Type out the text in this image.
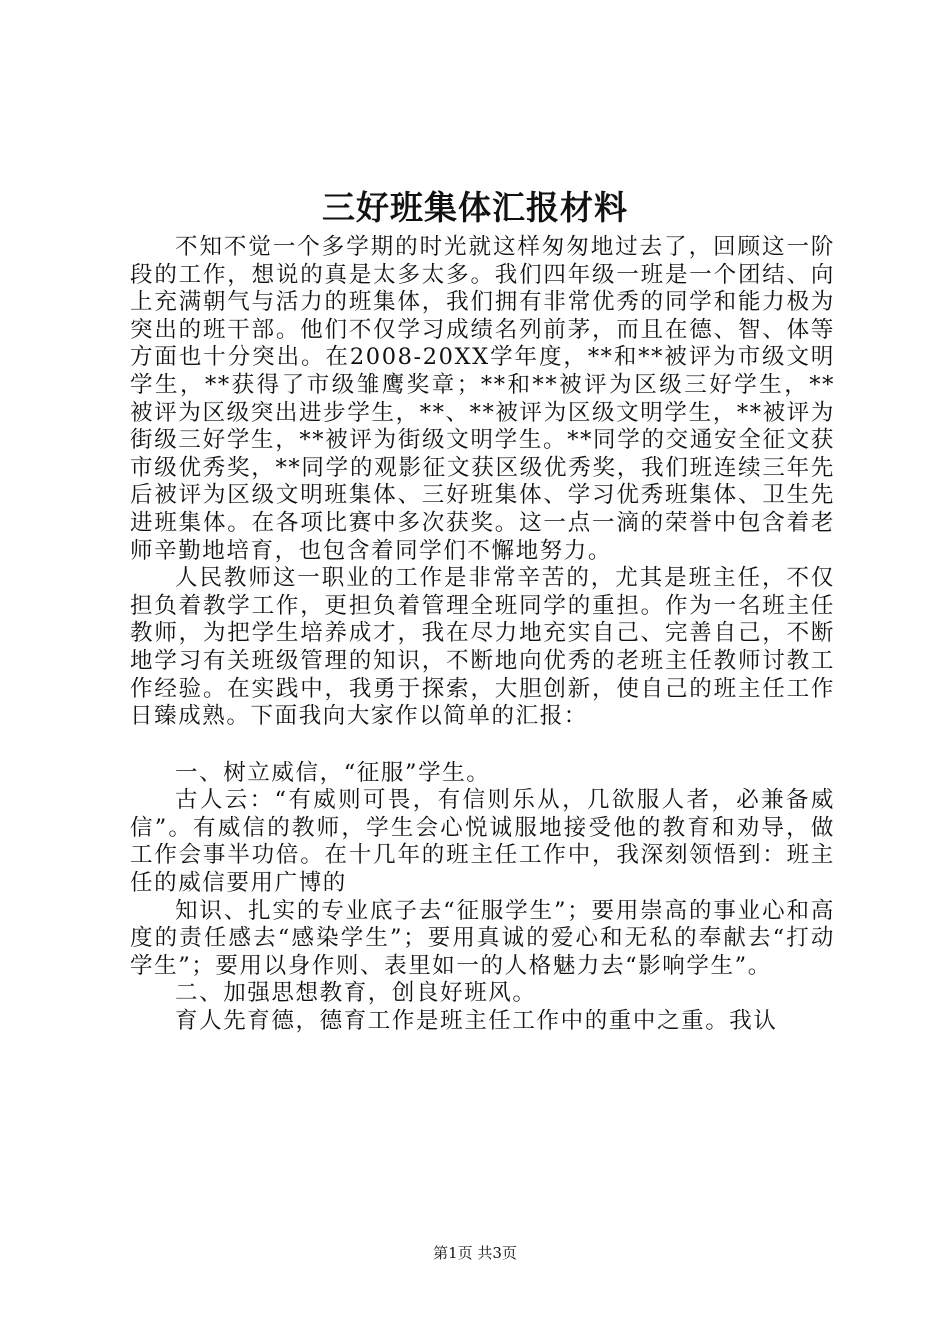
三好班集体汇报材料

不知不觉一个多学期的时光就这样匆匆地过去了，回顾这一阶段的工作，想说的真是太多太多。我们四年级一班是一个团结、向上充满朝气与活力的班集体，我们拥有非常优秀的同学和能力极为突出的班干部。他们不仅学习成绩名列前茅，而且在德、智、体等方面也十分突出。在2008-20XX学年度，**和**被评为市级文明学生，**获得了市级雏鹰奖章；**和**被评为区级三好学生，**被评为区级突出进步学生，**、**被评为区级文明学生，**被评为街级三好学生，**被评为街级文明学生。**同学的交通安全征文获市级优秀奖，**同学的观影征文获区级优秀奖，我们班连续三年先后被评为区级文明班集体、三好班集体、学习优秀班集体、卫生先进班集体。在各项比赛中多次获奖。这一点一滴的荣誉中包含着老师辛勤地培育，也包含着同学们不懈地努力。

人民教师这一职业的工作是非常辛苦的，尤其是班主任，不仅担负着教学工作，更担负着管理全班同学的重担。作为一名班主任教师，为把学生培养成才，我在尽力地充实自己、完善自己，不断地学习有关班级管理的知识，不断地向优秀的老班主任教师讨教工作经验。在实践中，我勇于探索，大胆创新，使自己的班主任工作日臻成熟。下面我向大家作以简单的汇报：

一、树立威信，“征服”学生。

古人云：“有威则可畏，有信则乐从，几欲服人者，必兼备威信”。有威信的教师，学生会心悦诚服地接受他的教育和劝导，做工作会事半功倍。在十几年的班主任工作中，我深刻领悟到：班主任的威信要用广博的

知识、扎实的专业底子去“征服学生”；要用崇高的事业心和高度的责任感去“感染学生”；要用真诚的爱心和无私的奉献去“打动学生”；要用以身作则、表里如一的人格魅力去“影响学生”。

二、加强思想教育，创良好班风。

育人先育德，德育工作是班主任工作中的重中之重。我认

第1页 共3页
